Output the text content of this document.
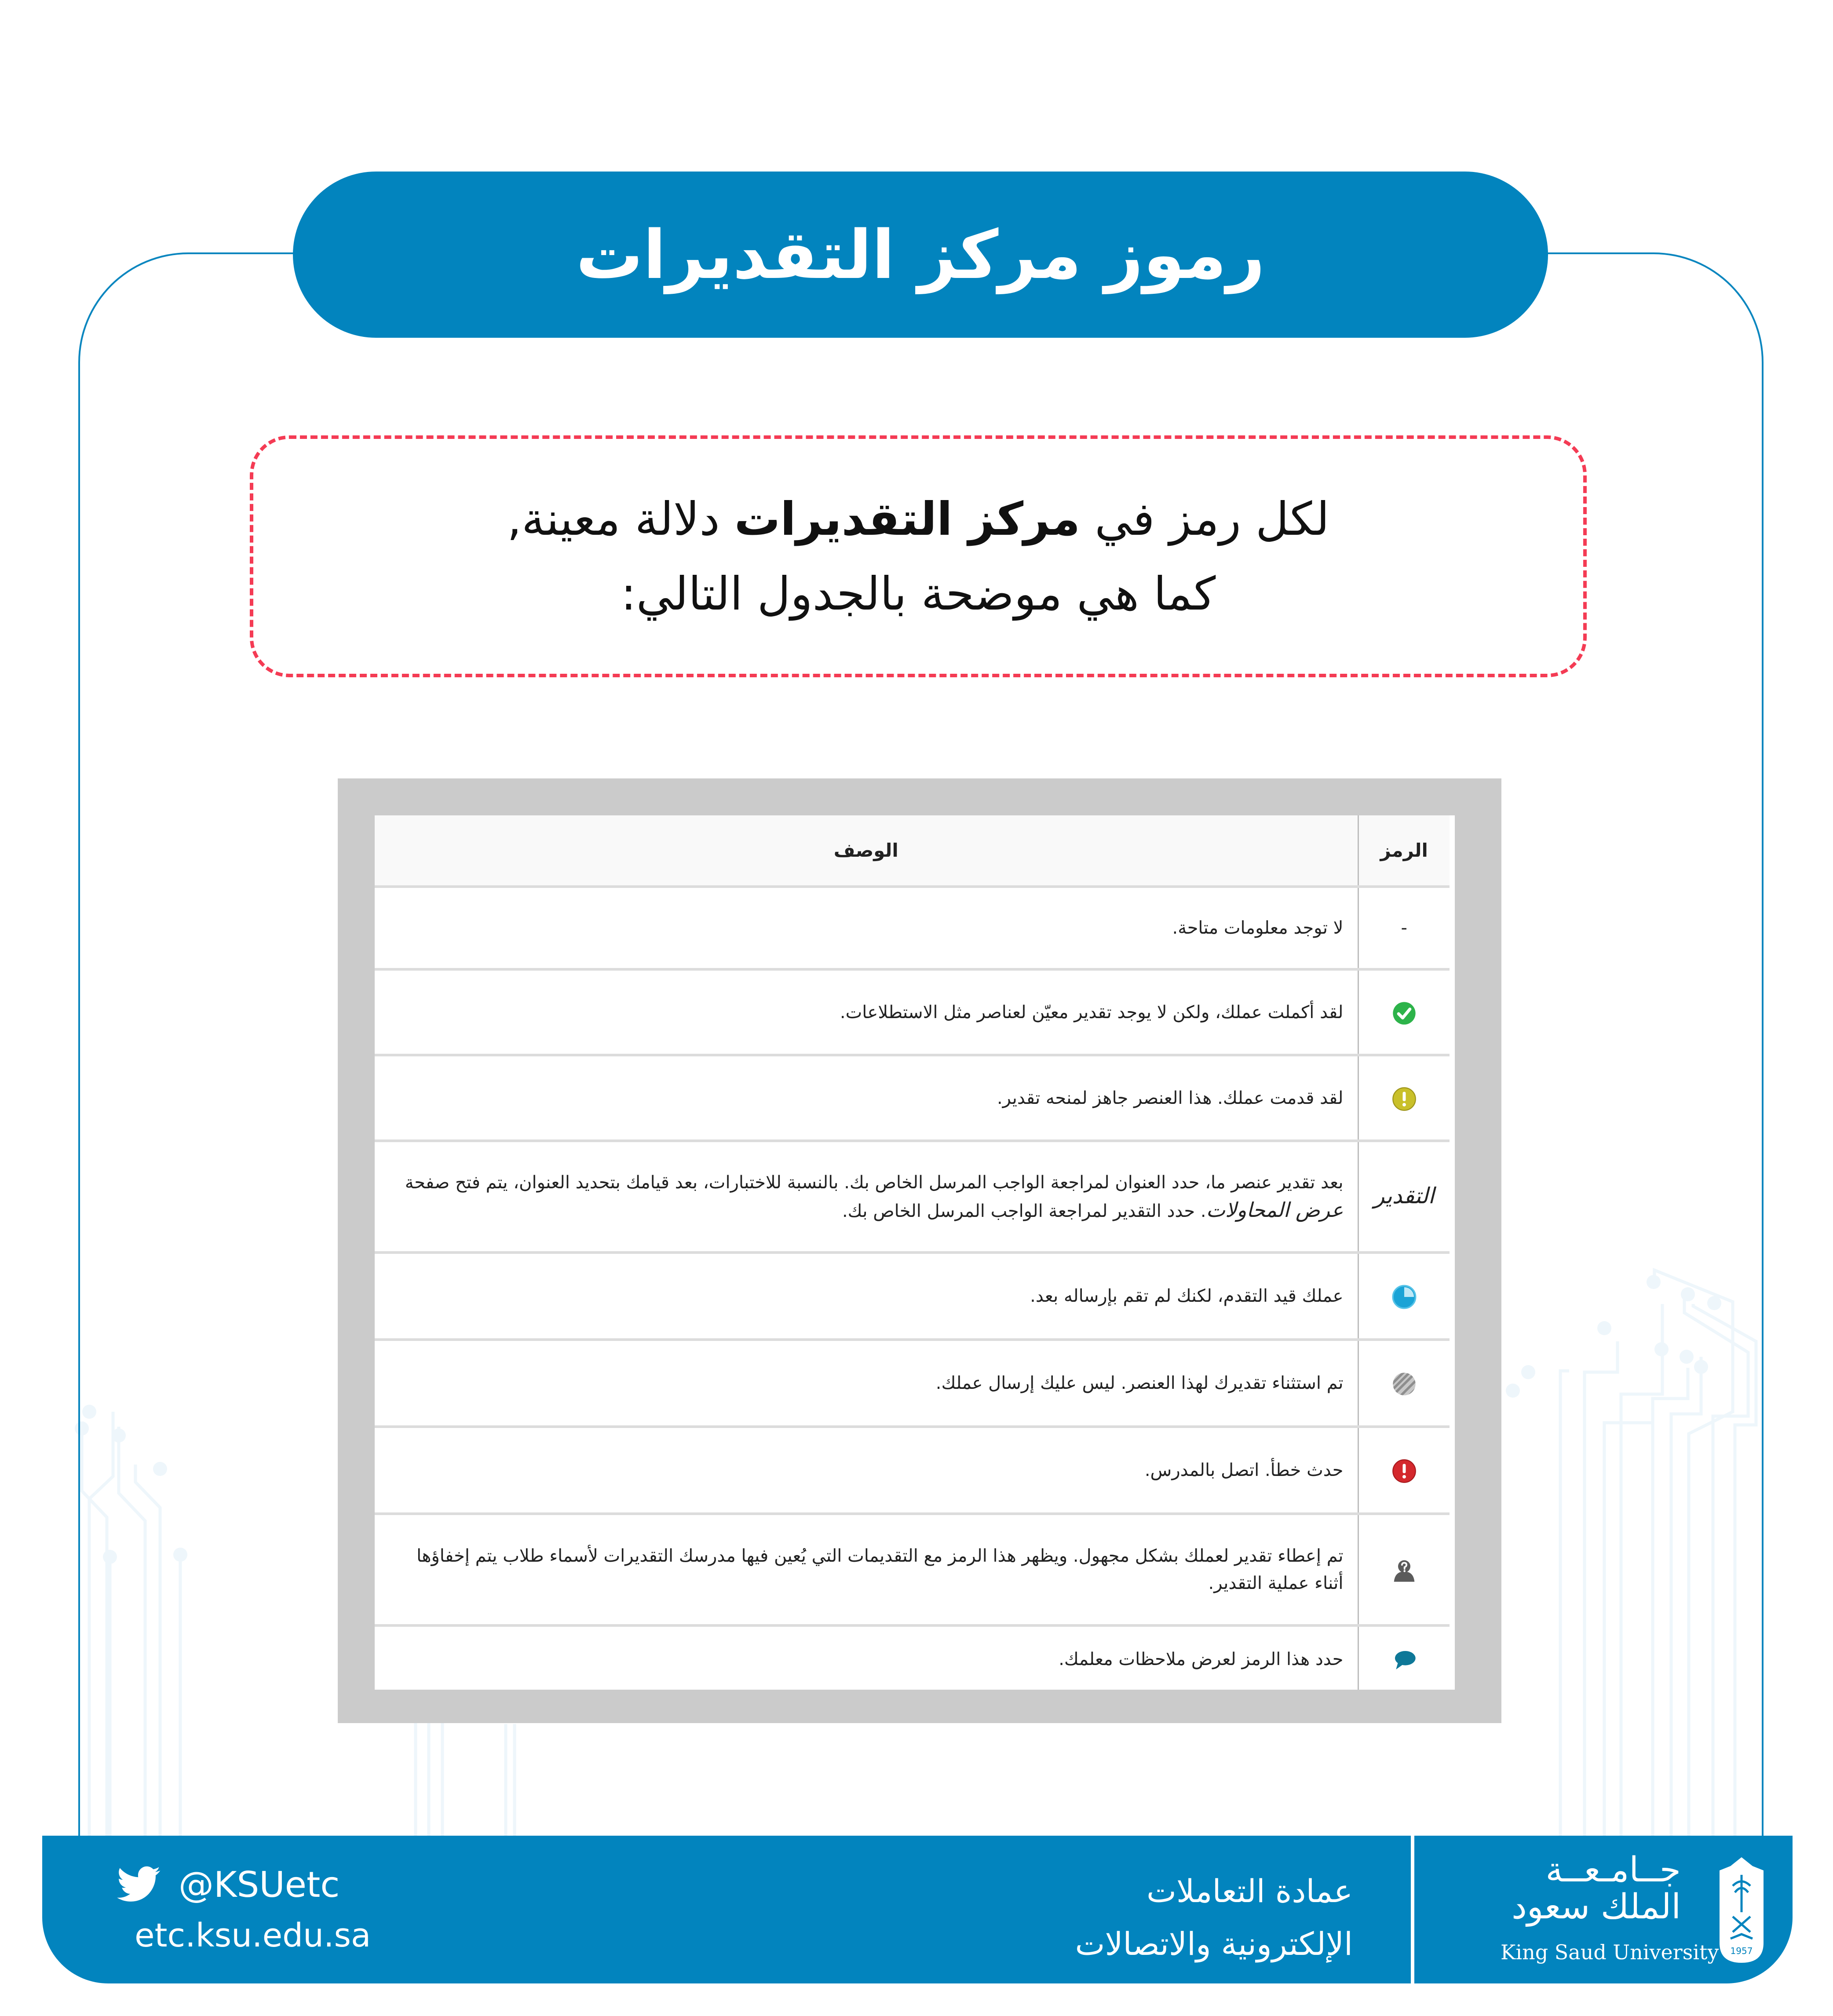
رموز مركز التقديرات

لكل رمز في مركز التقديرات دلالة معينة,

كما هي موضحة بالجدول التالي:

الرمز	الوصف
-	لا توجد معلومات متاحة.
	لقد أكملت عملك، ولكن لا يوجد تقدير معيّن لعناصر مثل الاستطلاعات.
	لقد قدمت عملك. هذا العنصر جاهز لمنحه تقدير.
التقدير	بعد تقدير عنصر ما، حدد العنوان لمراجعة الواجب المرسل الخاص بك. بالنسبة للاختبارات، بعد قيامك بتحديد العنوان، يتم فتح صفحة عرض المحاولات. حدد التقدير لمراجعة الواجب المرسل الخاص بك.
	عملك قيد التقدم، لكنك لم تقم بإرساله بعد.
	تم استثناء تقديرك لهذا العنصر. ليس عليك إرسال عملك.
	حدث خطأ. اتصل بالمدرس.
	تم إعطاء تقدير لعملك بشكل مجهول. ويظهر هذا الرمز مع التقديمات التي يُعين فيها مدرسك التقديرات لأسماء طلاب يتم إخفاؤها أثناء عملية التقدير.
	حدد هذا الرمز لعرض ملاحظات معلمك.
@KSUetc
etc.ksu.edu.sa
عمادة التعاملات
الإلكترونية والاتصالات
جــامـعــة
الملك سعود
King Saud University	1957
